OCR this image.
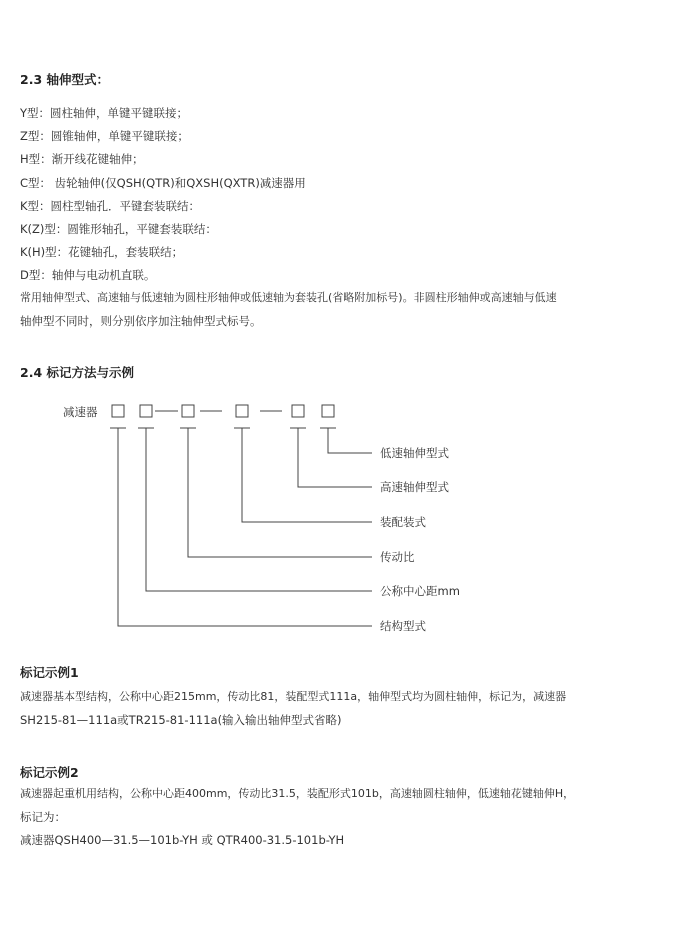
2.3 轴伸型式：
Y型：圆柱轴伸，单键平键联接；
Z型：圆锥轴伸，单键平键联接；
H型：渐开线花键轴伸；
C型： 齿轮轴伸(仅QSH(QTR)和QXSH(QXTR)减速器用
K型：圆柱型轴孔．平键套装联结：
K(Z)型：圆锥形轴孔，平键套装联结：
K(H)型：花键轴孔，套装联结；
D型：轴伸与电动机直联。
常用轴伸型式、高速轴与低速轴为圆柱形轴伸或低速轴为套装孔(省略附加标号)。非圆柱形轴伸或高速轴与低速
轴伸型不同时，则分别依序加注轴伸型式标号。
2.4 标记方法与示例
减速器
低速轴伸型式
高速轴伸型式
装配装式
传动比
公称中心距mm
结构型式
标记示例1
减速器基本型结构，公称中心距215mm，传动比81，装配型式111a，轴伸型式均为圆柱轴伸，标记为，减速器
SH215-81—111a或TR215-81-111a(输入输出轴伸型式省略)
标记示例2
减速器起重机用结构，公称中心距400mm，传动比31.5，装配形式101b，高速轴圆柱轴伸，低速轴花键轴伸H，
标记为：
减速器QSH400—31.5—101b-YH 或 QTR400-31.5-101b-YH
